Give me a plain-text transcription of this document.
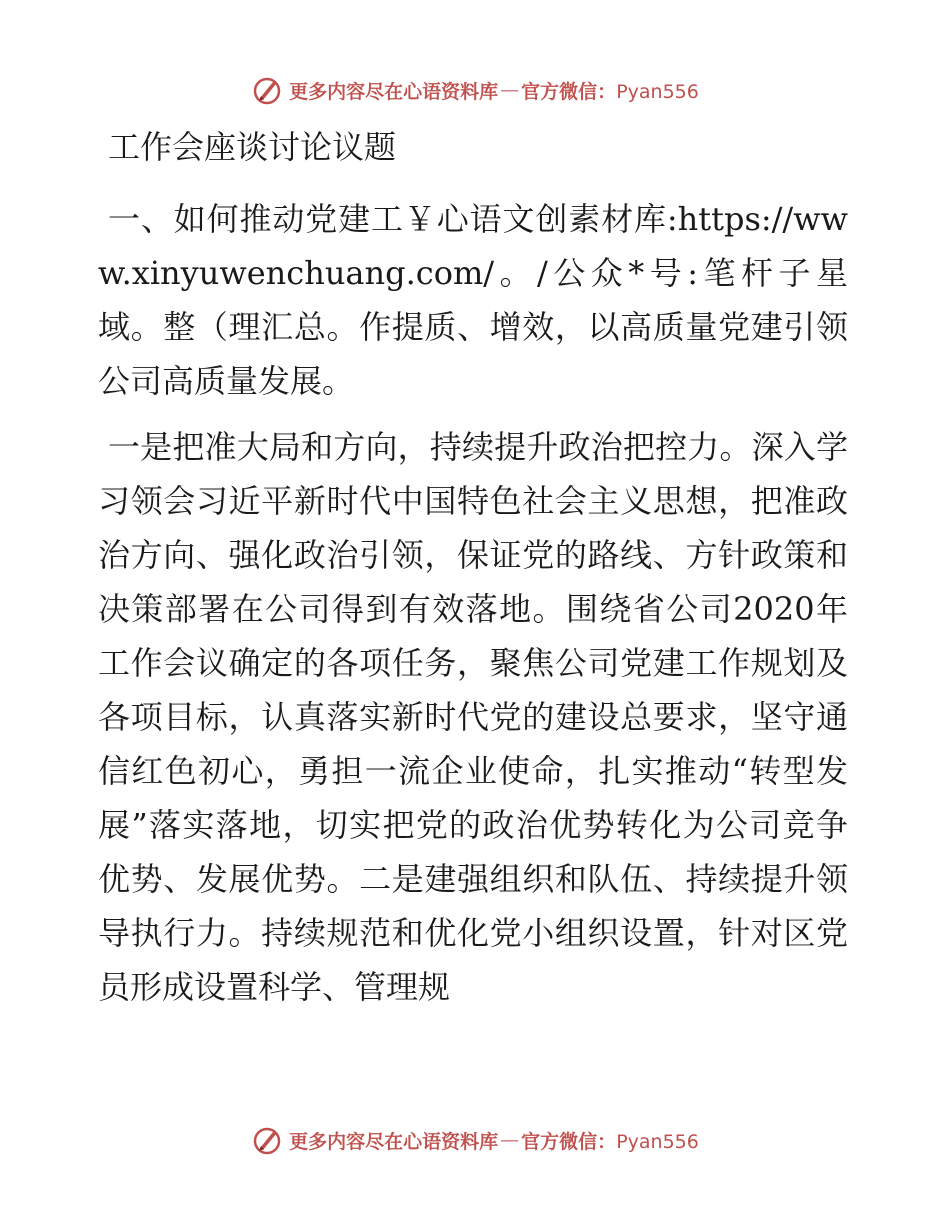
更多内容尽在心语资料库 — 官方微信：Pyan556
工作会座谈讨论议题

一、如何推动党建工￥心语文创素材库:https://www.xinyuwenchuang.com/。/公众*号:笔杆子星域。整（理汇总。作提质、增效，以高质量党建引领公司高质量发展。

一是把准大局和方向，持续提升政治把控力。深入学习领会习近平新时代中国特色社会主义思想，把准政治方向、强化政治引领，保证党的路线、方针政策和决策部署在公司得到有效落地。围绕省公司2020年工作会议确定的各项任务，聚焦公司党建工作规划及各项目标，认真落实新时代党的建设总要求，坚守通信红色初心，勇担一流企业使命，扎实推动“转型发展”落实落地，切实把党的政治优势转化为公司竞争优势、发展优势。二是建强组织和队伍、持续提升领导执行力。持续规范和优化党小组织设置，针对区党员形成设置科学、管理规

更多内容尽在心语资料库 — 官方微信：Pyan556
